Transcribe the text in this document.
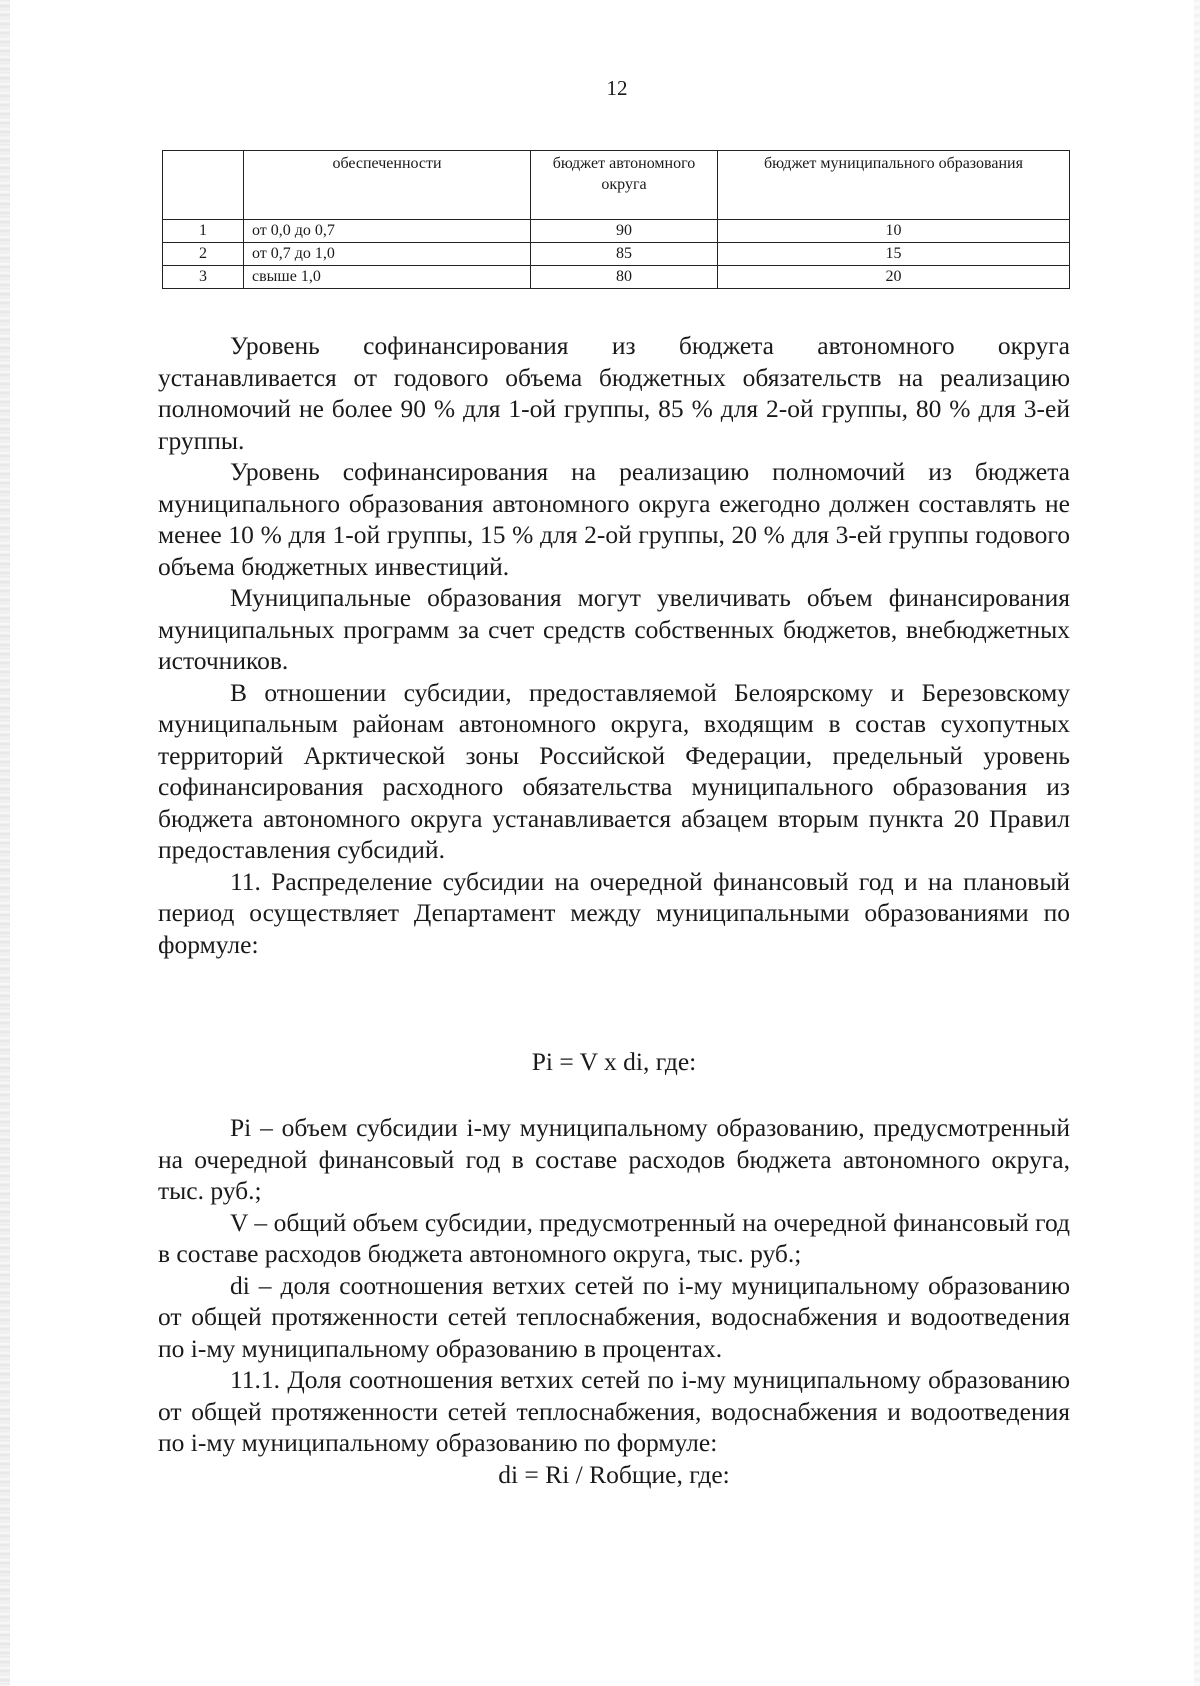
12
	обеспеченности	бюджет автономного округа	бюджет муниципального образования
1	от 0,0 до 0,7	90	10
2	от 0,7 до 1,0	85	15
3	свыше 1,0	80	20

Уровень софинансирования из бюджета автономного округа устанавливается от годового объема бюджетных обязательств на реализацию полномочий не более 90 % для 1-ой группы, 85 % для 2-ой группы, 80 % для 3-ей группы.

Уровень софинансирования на реализацию полномочий из бюджета муниципального образования автономного округа ежегодно должен составлять не менее 10 % для 1-ой группы, 15 % для 2-ой группы, 20 % для 3-ей группы годового объема бюджетных инвестиций.

Муниципальные образования могут увеличивать объем финансирования муниципальных программ за счет средств собственных бюджетов, внебюджетных источников.

В отношении субсидии, предоставляемой Белоярскому и Березовскому муниципальным районам автономного округа, входящим в состав сухопутных территорий Арктической зоны Российской Федерации, предельный уровень софинансирования расходного обязательства муниципального образования из бюджета автономного округа устанавливается абзацем вторым пункта 20 Правил предоставления субсидий.

11. Распределение субсидии на очередной финансовый год и на плановый период осуществляет Департамент между муниципальными образованиями по формуле:

Pi = V x di, где:

Pi – объем субсидии i-му муниципальному образованию, предусмотренный на очередной финансовый год в составе расходов бюджета автономного округа, тыс. руб.;

V – общий объем субсидии, предусмотренный на очередной финансовый год в составе расходов бюджета автономного округа, тыс. руб.;

di – доля соотношения ветхих сетей по i-му муниципальному образованию от общей протяженности сетей теплоснабжения, водоснабжения и водоотведения по i-му муниципальному образованию в процентах.

11.1. Доля соотношения ветхих сетей по i-му муниципальному образованию от общей протяженности сетей теплоснабжения, водоснабжения и водоотведения по i-му муниципальному образованию по формуле:

di = Ri / Rобщие, где:
